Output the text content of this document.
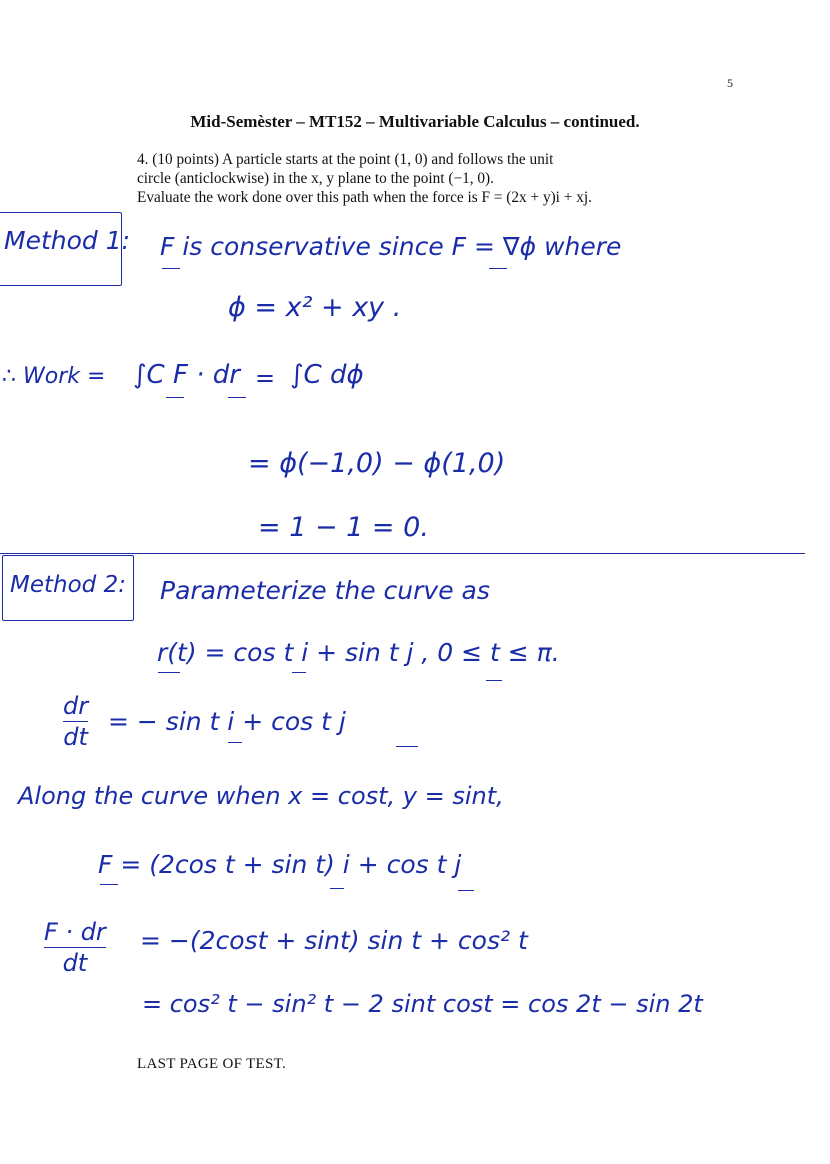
5
Mid-Semèster – MT152 – Multivariable Calculus – continued.
4. (10 points) A particle starts at the point (1, 0) and follows the unit
circle (anticlockwise) in the x, y plane to the point (−1, 0).
Evaluate the work done over this path when the force is F = (2x + y)i + xj.
Method 1: F is conservative since F = ∇ϕ where
ϕ = x² + xy .
∴ Work = ∫C F · dr = ∫C dϕ
= ϕ(−1,0) − ϕ(1,0)
= 1 − 1 = 0.
Method 2: Parameterize the curve as
r(t) = cos t i + sin t j , 0 ≤ t ≤ π.
dr
dt
= − sin t i + cos t j
Along the curve when x = cost, y = sint,
F = (2cos t + sin t) i + cos t j
F · dr
dt
= −(2cost + sint) sin t + cos² t
= cos² t − sin² t − 2 sint cost = cos 2t − sin 2t
LAST PAGE OF TEST.
